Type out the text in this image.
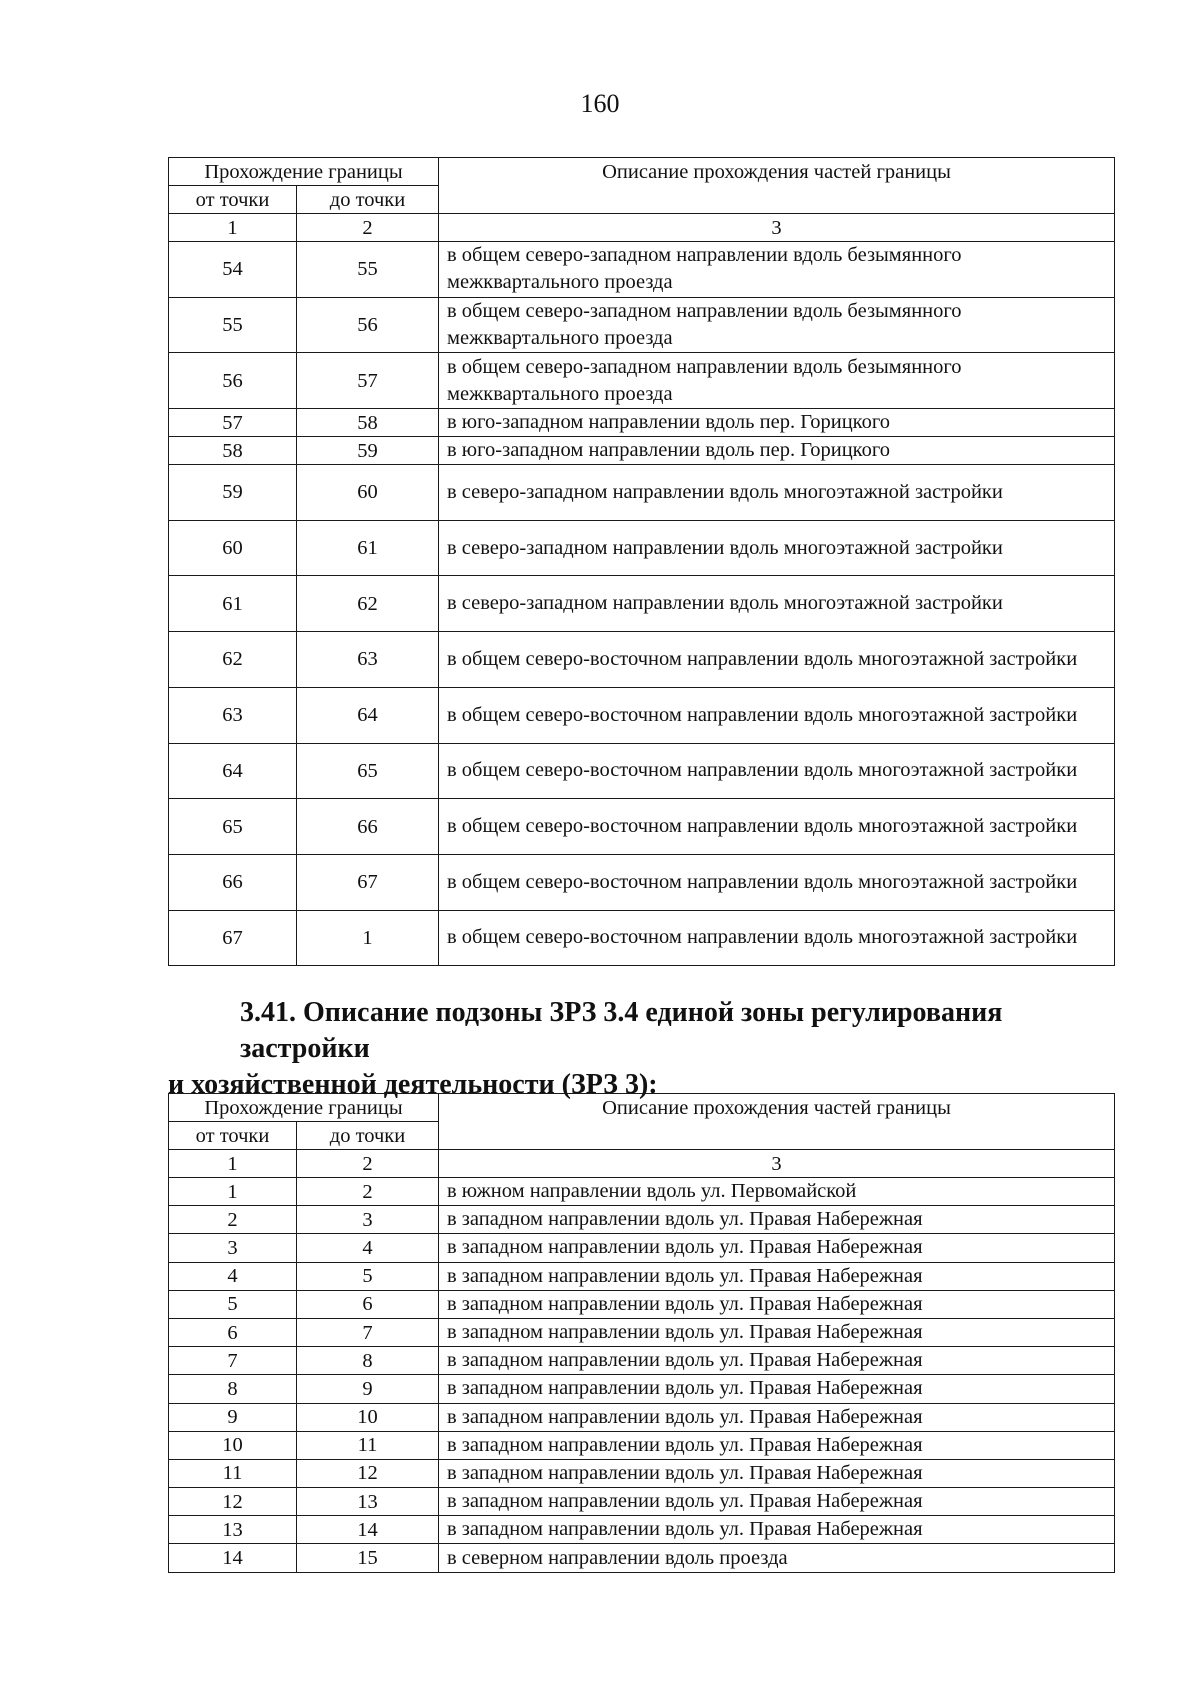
160
Прохождение границы		Описание прохождения частей границы
от точки	до точки	
1	2	3
54	55	в общем северо-западном направлении вдоль безымянного межквартального проезда
55	56	в общем северо-западном направлении вдоль безымянного межквартального проезда
56	57	в общем северо-западном направлении вдоль безымянного межквартального проезда
57	58	в юго-западном направлении вдоль пер. Горицкого
58	59	в юго-западном направлении вдоль пер. Горицкого
59	60	в северо-западном направлении вдоль многоэтажной застройки
60	61	в северо-западном направлении вдоль многоэтажной застройки
61	62	в северо-западном направлении вдоль многоэтажной застройки
62	63	в общем северо-восточном направлении вдоль многоэтажной застройки
63	64	в общем северо-восточном направлении вдоль многоэтажной застройки
64	65	в общем северо-восточном направлении вдоль многоэтажной застройки
65	66	в общем северо-восточном направлении вдоль многоэтажной застройки
66	67	в общем северо-восточном направлении вдоль многоэтажной застройки
67	1	в общем северо-восточном направлении вдоль многоэтажной застройки
3.41. Описание подзоны ЗРЗ 3.4 единой зоны регулирования застройки
и хозяйственной деятельности (ЗРЗ 3):
Прохождение границы		Описание прохождения частей границы
от точки	до точки	
1	2	3
1	2	в южном направлении вдоль ул. Первомайской
2	3	в западном направлении вдоль ул. Правая Набережная
3	4	в западном направлении вдоль ул. Правая Набережная
4	5	в западном направлении вдоль ул. Правая Набережная
5	6	в западном направлении вдоль ул. Правая Набережная
6	7	в западном направлении вдоль ул. Правая Набережная
7	8	в западном направлении вдоль ул. Правая Набережная
8	9	в западном направлении вдоль ул. Правая Набережная
9	10	в западном направлении вдоль ул. Правая Набережная
10	11	в западном направлении вдоль ул. Правая Набережная
11	12	в западном направлении вдоль ул. Правая Набережная
12	13	в западном направлении вдоль ул. Правая Набережная
13	14	в западном направлении вдоль ул. Правая Набережная
14	15	в северном направлении вдоль проезда
